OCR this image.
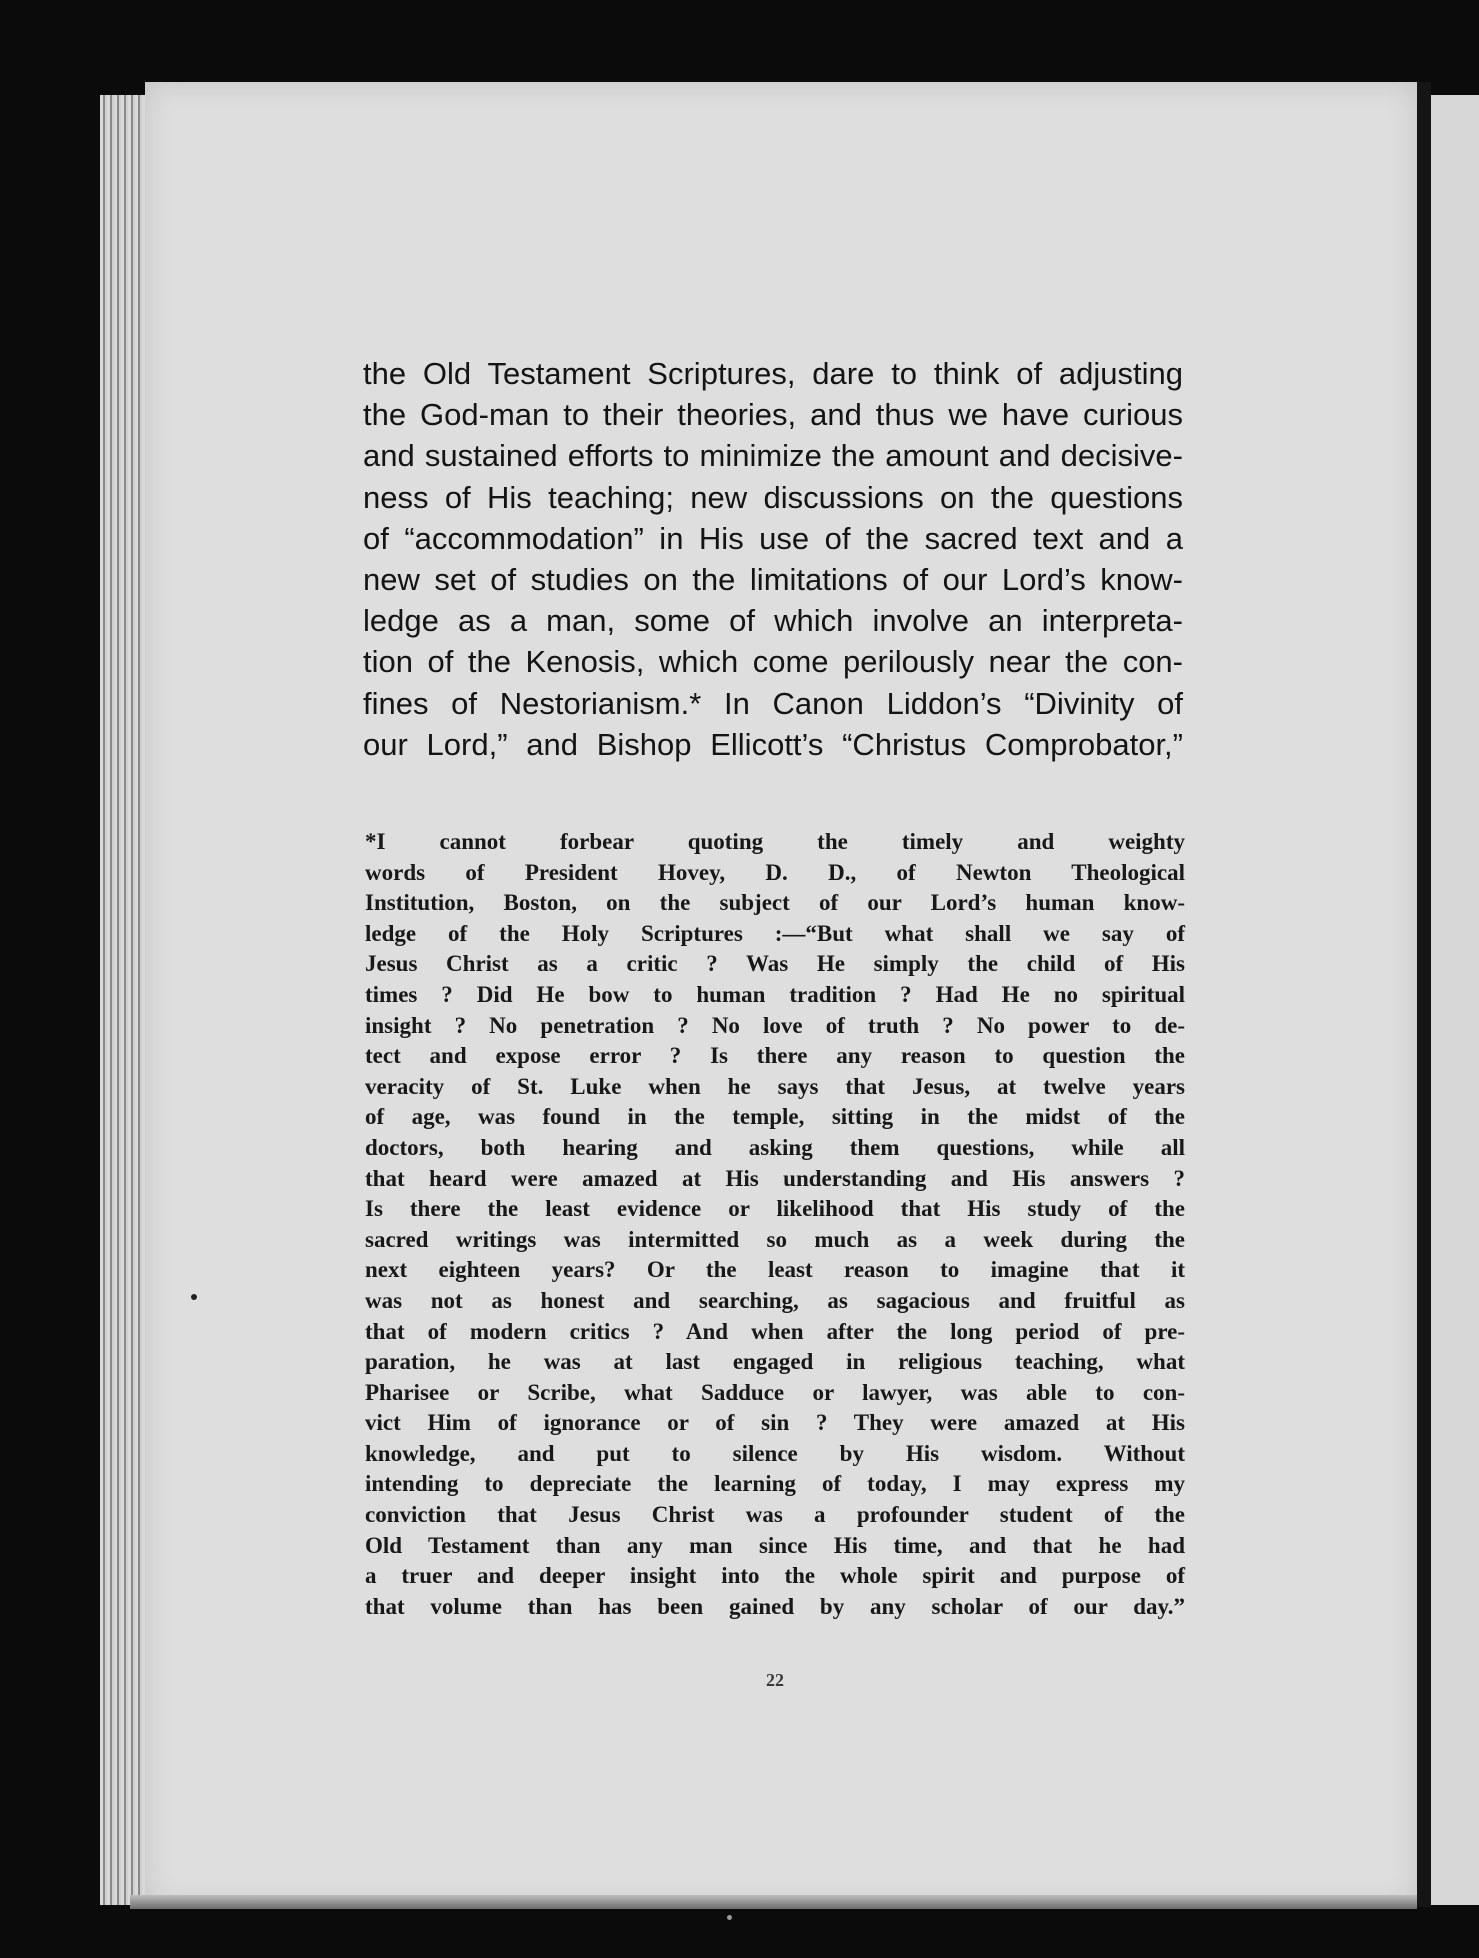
the Old Testament Scriptures, dare to think of adjusting
the God-man to their theories, and thus we have curious
and sustained efforts to minimize the amount and decisive-
ness of His teaching; new discussions on the questions
of “accommodation” in His use of the sacred text and a
new set of studies on the limitations of our Lord’s know-
ledge as a man, some of which involve an interpreta-
tion of the Kenosis, which come perilously near the con-
fines of Nestorianism.* In Canon Liddon’s “Divinity of
our Lord,” and Bishop Ellicott’s “Christus Comprobator,”

*I cannot forbear quoting the timely and weighty
words of President Hovey, D. D., of Newton Theological
Institution, Boston, on the subject of our Lord’s human know-
ledge of the Holy Scriptures :—“But what shall we say of
Jesus Christ as a critic ? Was He simply the child of His
times ? Did He bow to human tradition ? Had He no spiritual
insight ? No penetration ? No love of truth ? No power to de-
tect and expose error ? Is there any reason to question the
veracity of St. Luke when he says that Jesus, at twelve years
of age, was found in the temple, sitting in the midst of the
doctors, both hearing and asking them questions, while all
that heard were amazed at His understanding and His answers ?
Is there the least evidence or likelihood that His study of the
sacred writings was intermitted so much as a week during the
next eighteen years? Or the least reason to imagine that it
was not as honest and searching, as sagacious and fruitful as
that of modern critics ? And when after the long period of pre-
paration, he was at last engaged in religious teaching, what
Pharisee or Scribe, what Sadduce or lawyer, was able to con-
vict Him of ignorance or of sin ? They were amazed at His
knowledge, and put to silence by His wisdom. Without
intending to depreciate the learning of today, I may express my
conviction that Jesus Christ was a profounder student of the
Old Testament than any man since His time, and that he had
a truer and deeper insight into the whole spirit and purpose of
that volume than has been gained by any scholar of our day.”

22
